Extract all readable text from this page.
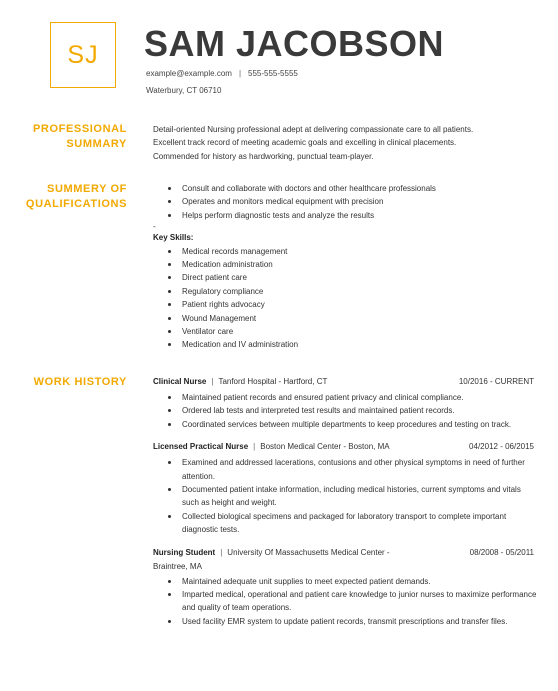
SJ SAM JACOBSON
example@example.com | 555-555-5555
Waterbury, CT 06710
PROFESSIONAL
SUMMARY

Detail-oriented Nursing professional adept at delivering compassionate care to all patients.

Excellent track record of meeting academic goals and excelling in clinical placements.

Commended for history as hardworking, punctual team-player.

SUMMERY OF
QUALIFICATIONS
Consult and collaborate with doctors and other healthcare professionals
Operates and monitors medical equipment with precision
Helps perform diagnostic tests and analyze the results
-
Key Skills:
Medical records management
Medication administration
Direct patient care
Regulatory compliance
Patient rights advocacy
Wound Management
Ventilator care
Medication and IV administration
WORK HISTORY	Clinical Nurse | Tanford Hospital - Hartford, CT	10/2016 - CURRENT
Maintained patient records and ensured patient privacy and clinical compliance.
Ordered lab tests and interpreted test results and maintained patient records.
Coordinated services between multiple departments to keep procedures and testing on track.
Licensed Practical Nurse | Boston Medical Center - Boston, MA	04/2012 - 06/2015
Examined and addressed lacerations, contusions and other physical symptoms in need of further attention.
Documented patient intake information, including medical histories, current symptoms and vitals such as height and weight.
Collected biological specimens and packaged for laboratory transport to complete important diagnostic tests.
Nursing Student | University Of Massachusetts Medical Center -	08/2008 - 05/2011
Braintree, MA
Maintained adequate unit supplies to meet expected patient demands.
Imparted medical, operational and patient care knowledge to junior nurses to maximize performance and quality of team operations.
Used facility EMR system to update patient records, transmit prescriptions and transfer files.
